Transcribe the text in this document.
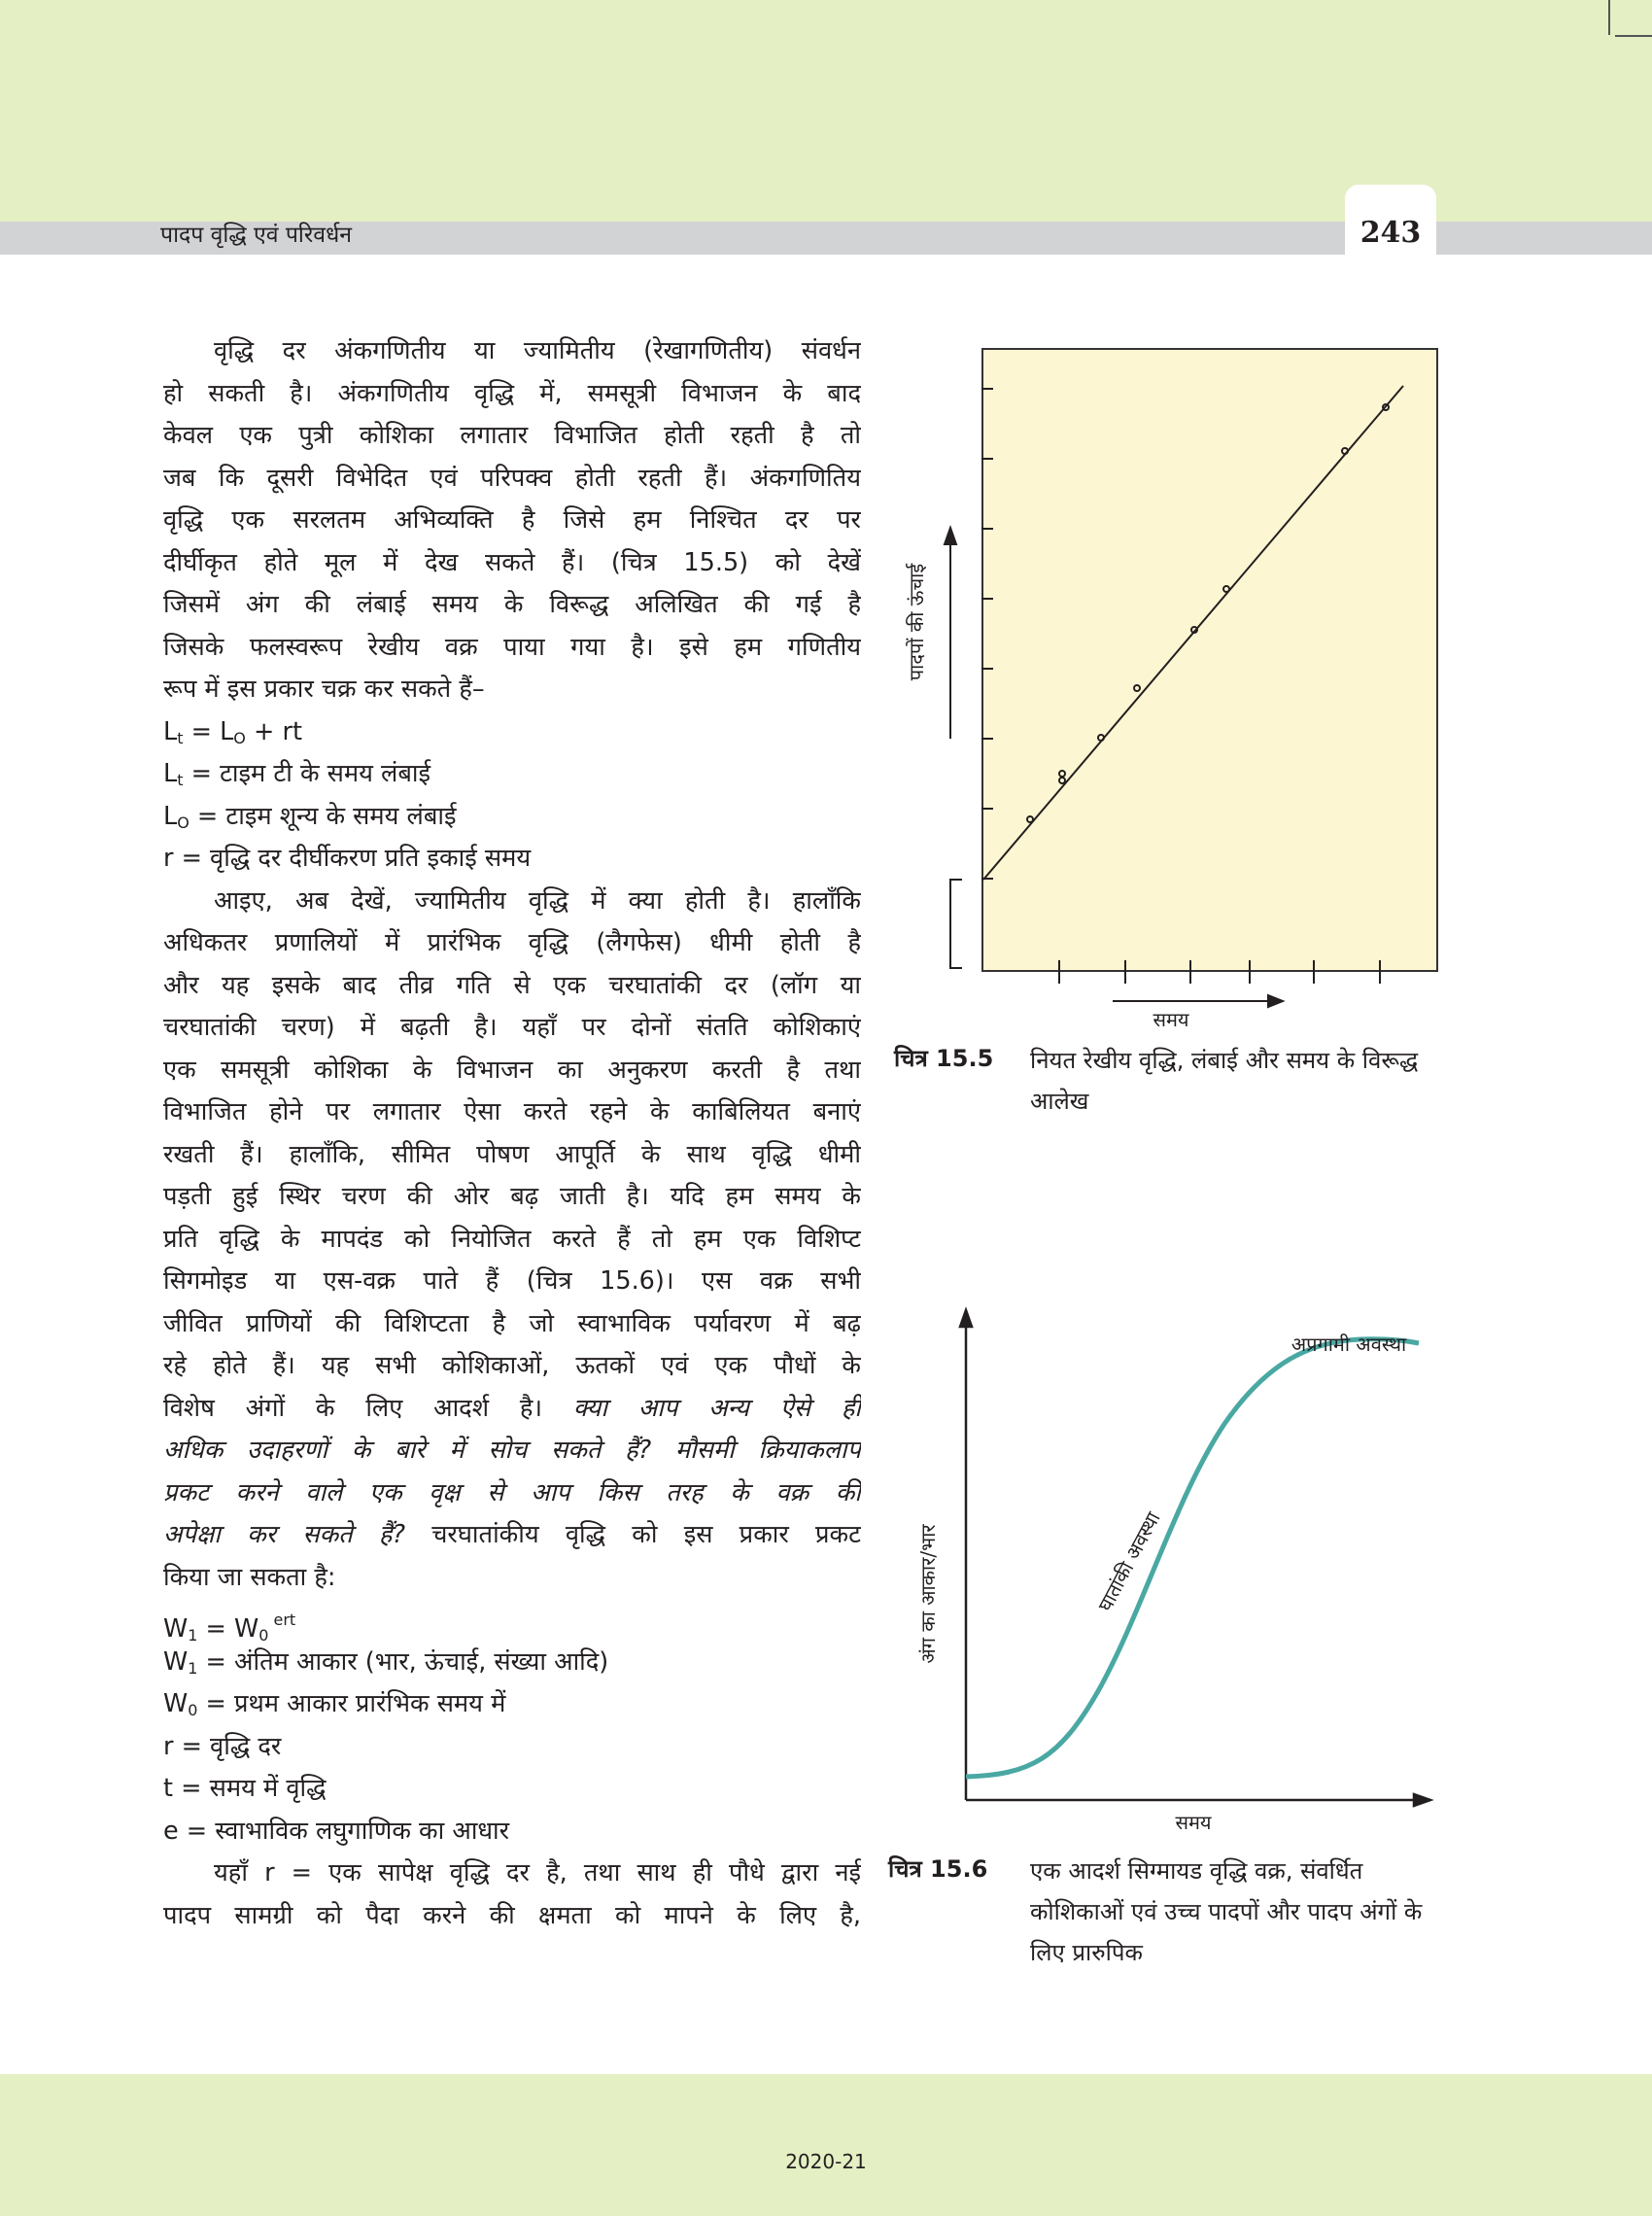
पादप वृद्धि एवं परिवर्धन	243
वृद्धि दर अंकगणितीय या ज्यामितीय (रेखागणितीय) संवर्धन
हो सकती है। अंकगणितीय वृद्धि में, समसूत्री विभाजन के बाद
केवल एक पुत्री कोशिका लगातार विभाजित होती रहती है तो
जब कि दूसरी विभेदित एवं परिपक्व होती रहती हैं। अंकगणितिय
वृद्धि एक सरलतम अभिव्यक्ति है जिसे हम निश्चित दर पर
दीर्घीकृत होते मूल में देख सकते हैं। (चित्र 15.5) को देखें
जिसमें अंग की लंबाई समय के विरूद्ध अलिखित की गई है
जिसके फलस्वरूप रेखीय वक्र पाया गया है। इसे हम गणितीय
रूप में इस प्रकार चक्र कर सकते हैं–
$L_t = L_O$ + rt
$L_t$ = टाइम टी के समय लंबाई
$L_O$ = टाइम शून्य के समय लंबाई
r = वृद्धि दर दीर्घीकरण प्रति इकाई समय
आइए, अब देखें, ज्यामितीय वृद्धि में क्या होती है। हालाँकि
अधिकतर प्रणालियों में प्रारंभिक वृद्धि (लैगफेस) धीमी होती है
और यह इसके बाद तीव्र गति से एक चरघातांकी दर (लॉग या
चरघातांकी चरण) में बढ़ती है। यहाँ पर दोनों संतति कोशिकाएं
एक समसूत्री कोशिका के विभाजन का अनुकरण करती है तथा
विभाजित होने पर लगातार ऐसा करते रहने के काबिलियत बनाएं
रखती हैं। हालाँकि, सीमित पोषण आपूर्ति के साथ वृद्धि धीमी
पड़ती हुई स्थिर चरण की ओर बढ़ जाती है। यदि हम समय के
प्रति वृद्धि के मापदंड को नियोजित करते हैं तो हम एक विशिप्ट
सिगमोइड या एस-वक्र पाते हैं (चित्र 15.6)। एस वक्र सभी
जीवित प्राणियों की विशिप्टता है जो स्वाभाविक पर्यावरण में बढ़
रहे होते हैं। यह सभी कोशिकाओं, ऊतकों एवं एक पौधों के
विशेष अंगों के लिए आदर्श है। क्या आप अन्य ऐसे ही
अधिक उदाहरणों के बारे में सोच सकते हैं? मौसमी क्रियाकलाप
प्रकट करने वाले एक वृक्ष से आप किस तरह के वक्र की
अपेक्षा कर सकते हैं? चरघातांकीय वृद्धि को इस प्रकार प्रकट
किया जा सकता है:
$W_1 = W_0$ $^{ert}$
$W_1$ = अंतिम आकार (भार, ऊंचाई, संख्या आदि)
$W_0$ = प्रथम आकार प्रारंभिक समय में
r = वृद्धि दर
t = समय में वृद्धि
e = स्वाभाविक लघुगाणिक का आधार
यहाँ r = एक सापेक्ष वृद्धि दर है, तथा साथ ही पौधे द्वारा नई
पादप सामग्री को पैदा करने की क्षमता को मापने के लिए है,
पादपों की ऊंचाई
समय
अंग का आकार/भार
समय
अप्रगामी अवस्था
घातांकी अवस्था
चित्र 15.5 नियत रेखीय वृद्धि, लंबाई और समय के विरूद्ध आलेख
चित्र 15.6 एक आदर्श सिग्मायड वृद्धि वक्र, संवर्धित कोशिकाओं एवं उच्च पादपों और पादप अंगों के लिए प्रारुपिक
2020-21
